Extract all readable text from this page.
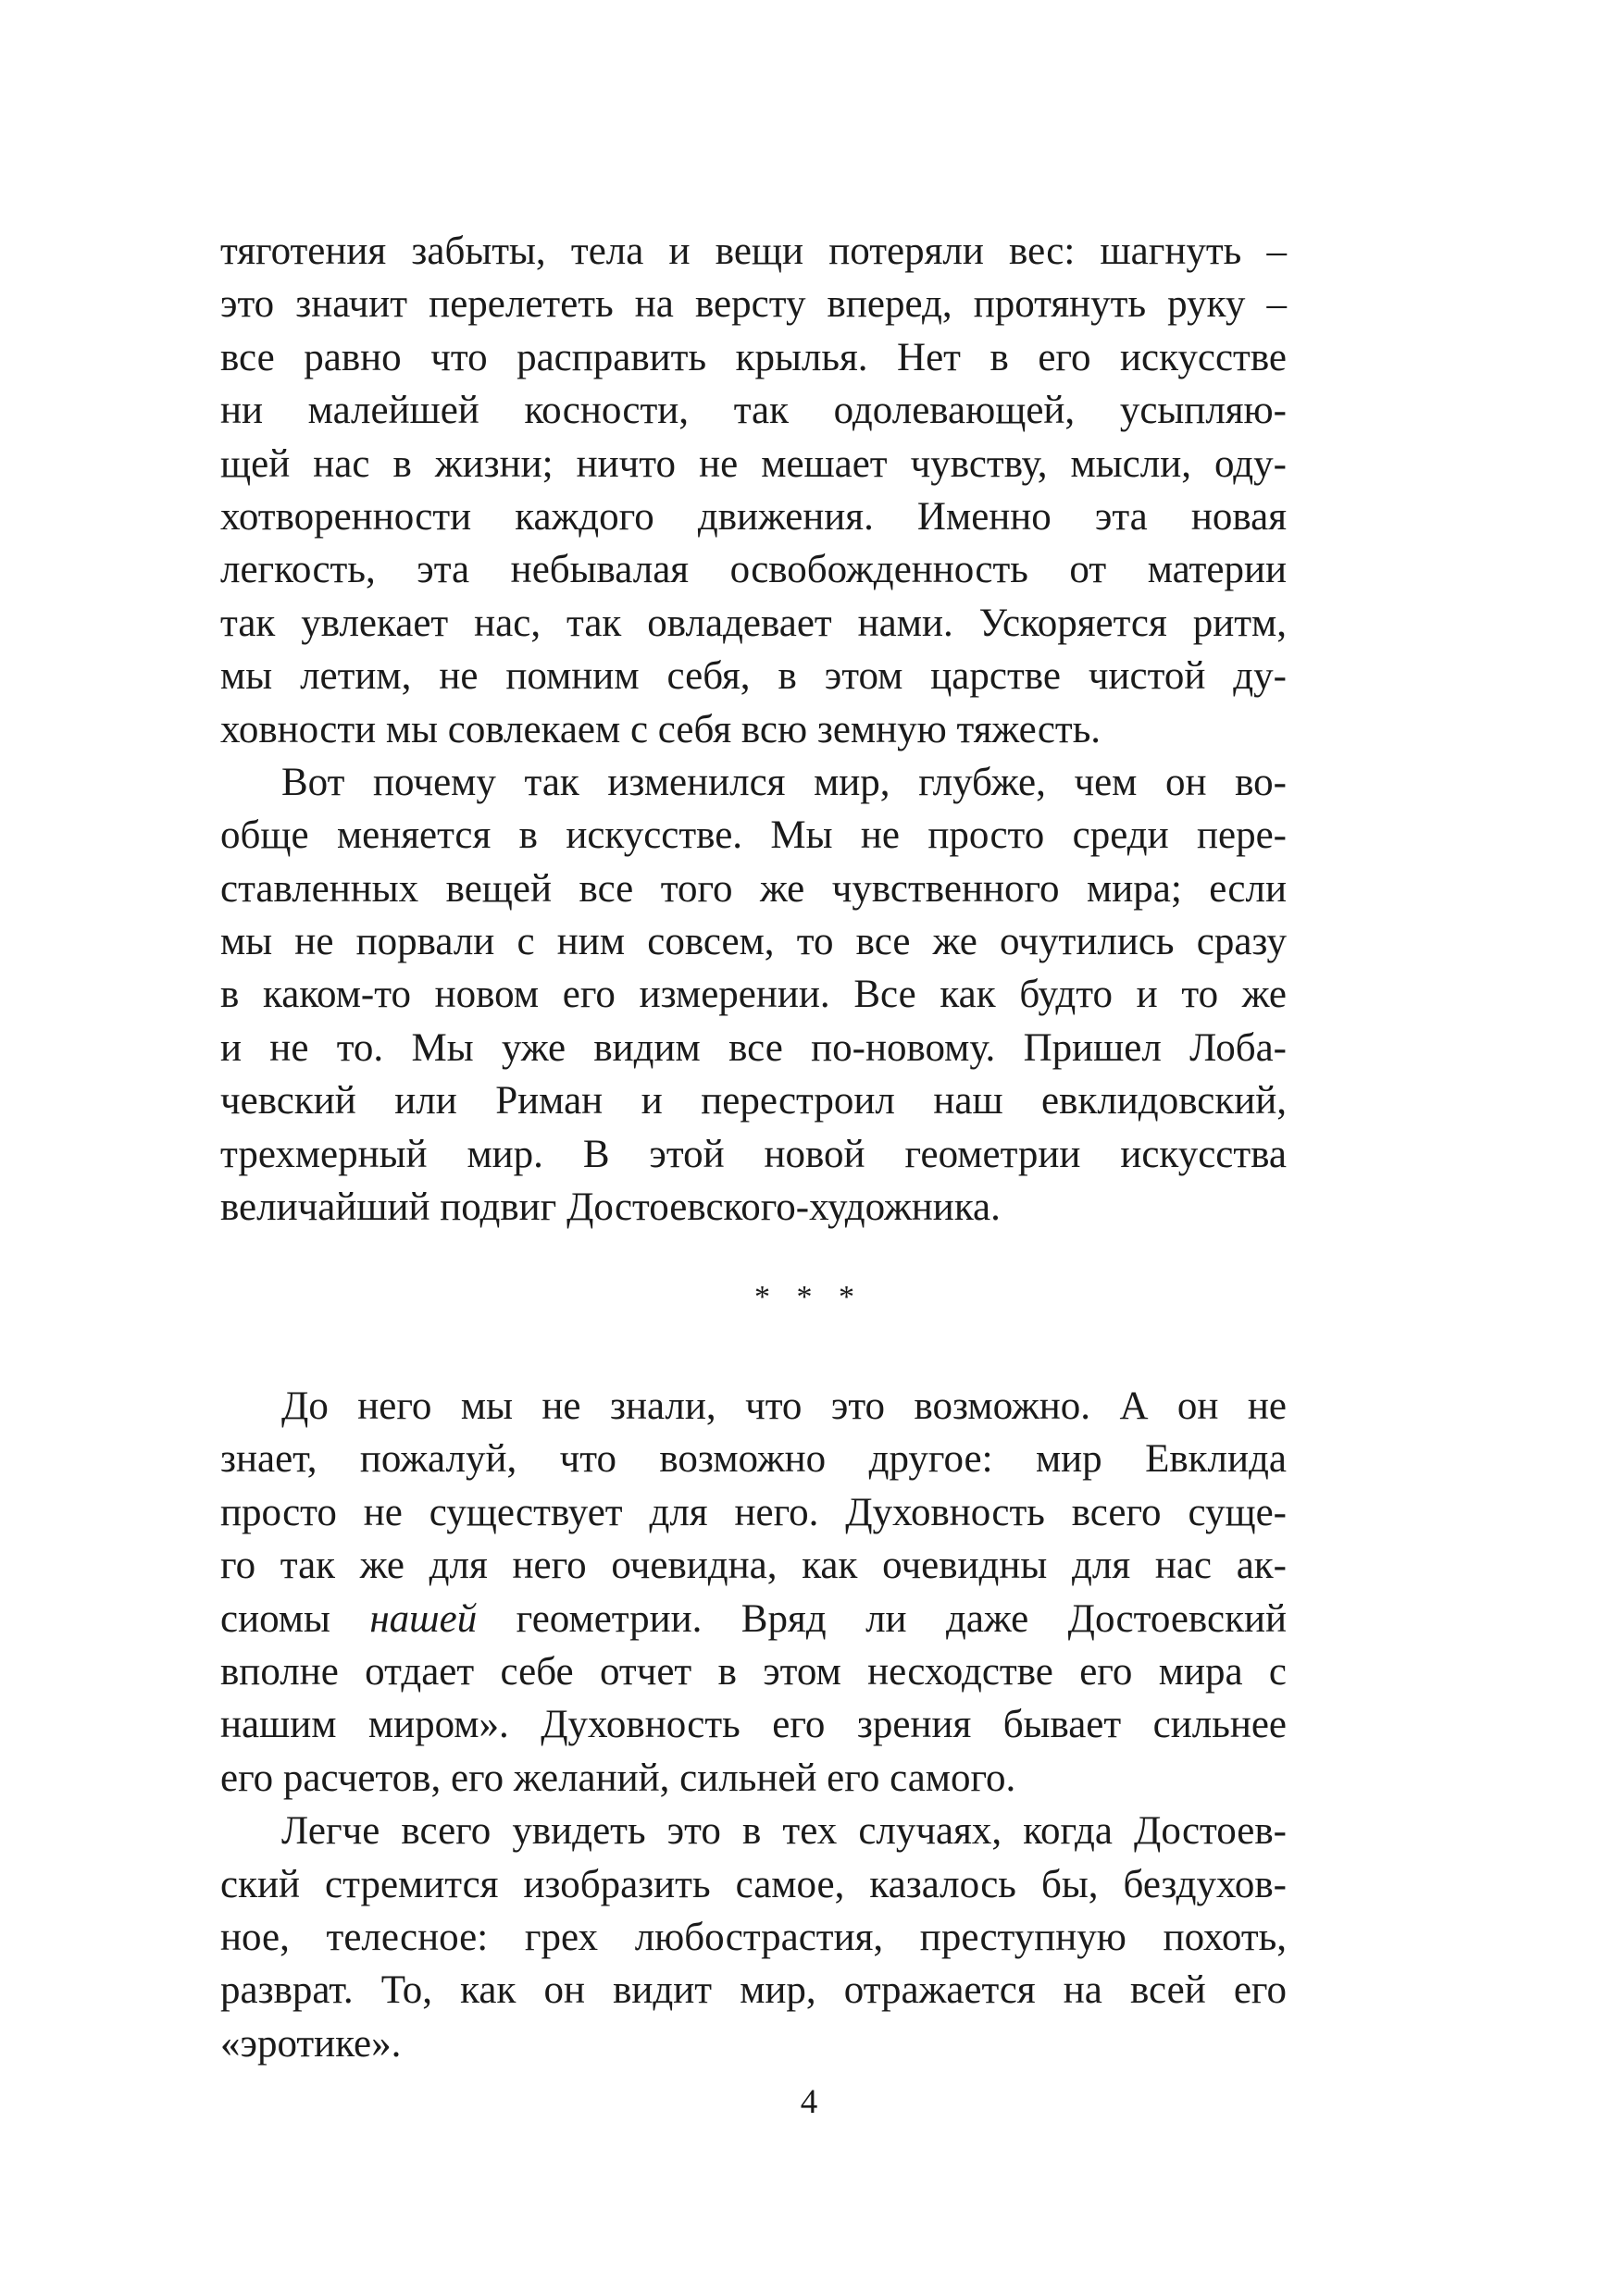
тяготения забыты, тела и вещи потеряли вес: шагнуть –
это значит перелететь на версту вперед, протянуть руку –
все равно что расправить крылья. Нет в его искусстве
ни малейшей косности, так одолевающей, усыпляю-
щей нас в жизни; ничто не мешает чувству, мысли, оду-
хотворенности каждого движения. Именно эта новая
легкость, эта небывалая освобожденность от материи
так увлекает нас, так овладевает нами. Ускоряется ритм,
мы летим, не помним себя, в этом царстве чистой ду-
ховности мы совлекаем с себя всю земную тяжесть.
Вот почему так изменился мир, глубже, чем он во-
обще меняется в искусстве. Мы не просто среди пере-
ставленных вещей все того же чувственного мира; если
мы не порвали с ним совсем, то все же очутились сразу
в каком-то новом его измерении. Все как будто и то же
и не то. Мы уже видим все по-новому. Пришел Лоба-
чевский или Риман и перестроил наш евклидовский,
трехмерный мир. В этой новой геометрии искусства
величайший подвиг Достоевского-художника.
* * *
До него мы не знали, что это возможно. А он не
знает, пожалуй, что возможно другое: мир Евклида
просто не существует для него. Духовность всего суще-
го так же для него очевидна, как очевидны для нас ак-
сиомы нашей геометрии. Вряд ли даже Достоевский
вполне отдает себе отчет в этом несходстве его мира с
нашим миром». Духовность его зрения бывает сильнее
его расчетов, его желаний, сильней его самого.
Легче всего увидеть это в тех случаях, когда Достоев-
ский стремится изобразить самое, казалось бы, бездухов-
ное, телесное: грех любострастия, преступную похоть,
разврат. То, как он видит мир, отражается на всей его
«эротике».
4
